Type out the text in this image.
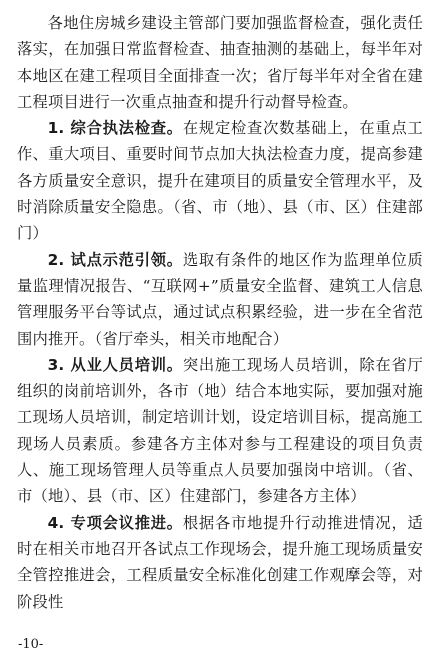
各地住房城乡建设主管部门要加强监督检查，强化责任落实，在加强日常监督检查、抽查抽测的基础上，每半年对本地区在建工程项目全面排查一次；省厅每半年对全省在建工程项目进行一次重点抽查和提升行动督导检查。

1. 综合执法检查。在规定检查次数基础上，在重点工作、重大项目、重要时间节点加大执法检查力度，提高参建各方质量安全意识，提升在建项目的质量安全管理水平，及时消除质量安全隐患。（省、市（地）、县（市、区）住建部门）

2. 试点示范引领。选取有条件的地区作为监理单位质量监理情况报告、“互联网+”质量安全监督、建筑工人信息管理服务平台等试点，通过试点积累经验，进一步在全省范围内推开。（省厅牵头，相关市地配合）

3. 从业人员培训。突出施工现场人员培训，除在省厅组织的岗前培训外，各市（地）结合本地实际，要加强对施工现场人员培训，制定培训计划，设定培训目标，提高施工现场人员素质。参建各方主体对参与工程建设的项目负责人、施工现场管理人员等重点人员要加强岗中培训。（省、市（地）、县（市、区）住建部门，参建各方主体）

4. 专项会议推进。根据各市地提升行动推进情况，适时在相关市地召开各试点工作现场会，提升施工现场质量安全管控推进会，工程质量安全标准化创建工作观摩会等，对阶段性

-10-
